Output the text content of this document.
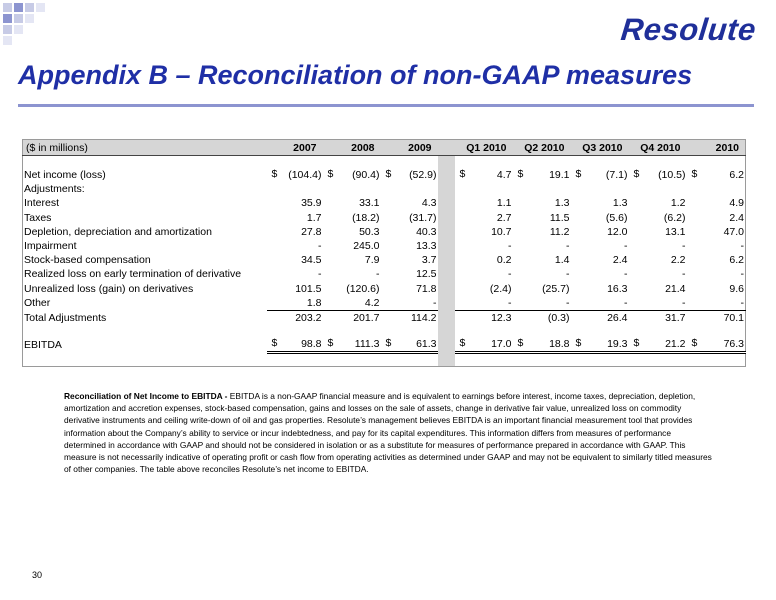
Resolute
Appendix B – Reconciliation of non-GAAP measures
($ in millions)	2007	2008	2009		Q1 2010	Q2 2010	Q3 2010	Q4 2010	2010

Net income (loss)	$ (104.4)	$ (90.4)	$ (52.9)		$ 4.7	$ 19.1	$ (7.1)	$ (10.5)	$ 6.2
Adjustments:									
Interest	35.9	33.1	4.3		1.1	1.3	1.3	1.2	4.9
Taxes	1.7	(18.2)	(31.7)		2.7	11.5	(5.6)	(6.2)	2.4
Depletion, depreciation and amortization	27.8	50.3	40.3		10.7	11.2	12.0	13.1	47.0
Impairment	-	245.0	13.3		-	-	-	-	-
Stock-based compensation	34.5	7.9	3.7		0.2	1.4	2.4	2.2	6.2
Realized loss on early termination of derivative	-	-	12.5		-	-	-	-	-
Unrealized loss (gain) on derivatives	101.5	(120.6)	71.8		(2.4)	(25.7)	16.3	21.4	9.6
Other	1.8	4.2	-		-	-	-	-	-
Total Adjustments	203.2	201.7	114.2		12.3	(0.3)	26.4	31.7	70.1

EBITDA	$ 98.8	$ 111.3	$ 61.3		$ 17.0	$ 18.8	$ 19.3	$ 21.2	$ 76.3

Reconciliation of Net Income to EBITDA - EBITDA is a non-GAAP financial measure and is equivalent to earnings before interest, income taxes, depreciation, depletion, amortization and accretion expenses, stock-based compensation, gains and losses on the sale of assets, change in derivative fair value, unrealized loss on commodity derivative instruments and ceiling write-down of oil and gas properties. Resolute’s management believes EBITDA is an important financial measurement tool that provides information about the Company’s ability to service or incur indebtedness, and pay for its capital expenditures. This information differs from measures of performance determined in accordance with GAAP and should not be considered in isolation or as a substitute for measures of performance prepared in accordance with GAAP. This measure is not necessarily indicative of operating profit or cash flow from operating activities as determined under GAAP and may not be equivalent to similarly titled measures of other companies. The table above reconciles Resolute’s net income to EBITDA.
30
